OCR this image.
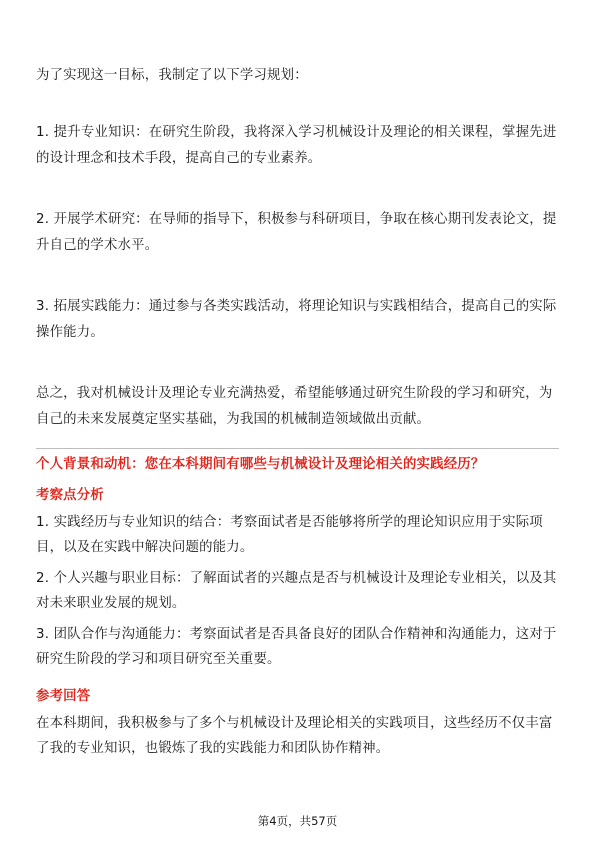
为了实现这一目标，我制定了以下学习规划：

1. 提升专业知识：在研究生阶段，我将深入学习机械设计及理论的相关课程，掌握先进的设计理念和技术手段，提高自己的专业素养。

2. 开展学术研究：在导师的指导下，积极参与科研项目，争取在核心期刊发表论文，提升自己的学术水平。

3. 拓展实践能力：通过参与各类实践活动，将理论知识与实践相结合，提高自己的实际操作能力。

总之，我对机械设计及理论专业充满热爱，希望能够通过研究生阶段的学习和研究，为自己的未来发展奠定坚实基础，为我国的机械制造领域做出贡献。

个人背景和动机：您在本科期间有哪些与机械设计及理论相关的实践经历？

考察点分析

1. 实践经历与专业知识的结合：考察面试者是否能够将所学的理论知识应用于实际项目，以及在实践中解决问题的能力。

2. 个人兴趣与职业目标：了解面试者的兴趣点是否与机械设计及理论专业相关，以及其对未来职业发展的规划。

3. 团队合作与沟通能力：考察面试者是否具备良好的团队合作精神和沟通能力，这对于研究生阶段的学习和项目研究至关重要。

参考回答

在本科期间，我积极参与了多个与机械设计及理论相关的实践项目，这些经历不仅丰富了我的专业知识，也锻炼了我的实践能力和团队协作精神。

第4页，共57页
